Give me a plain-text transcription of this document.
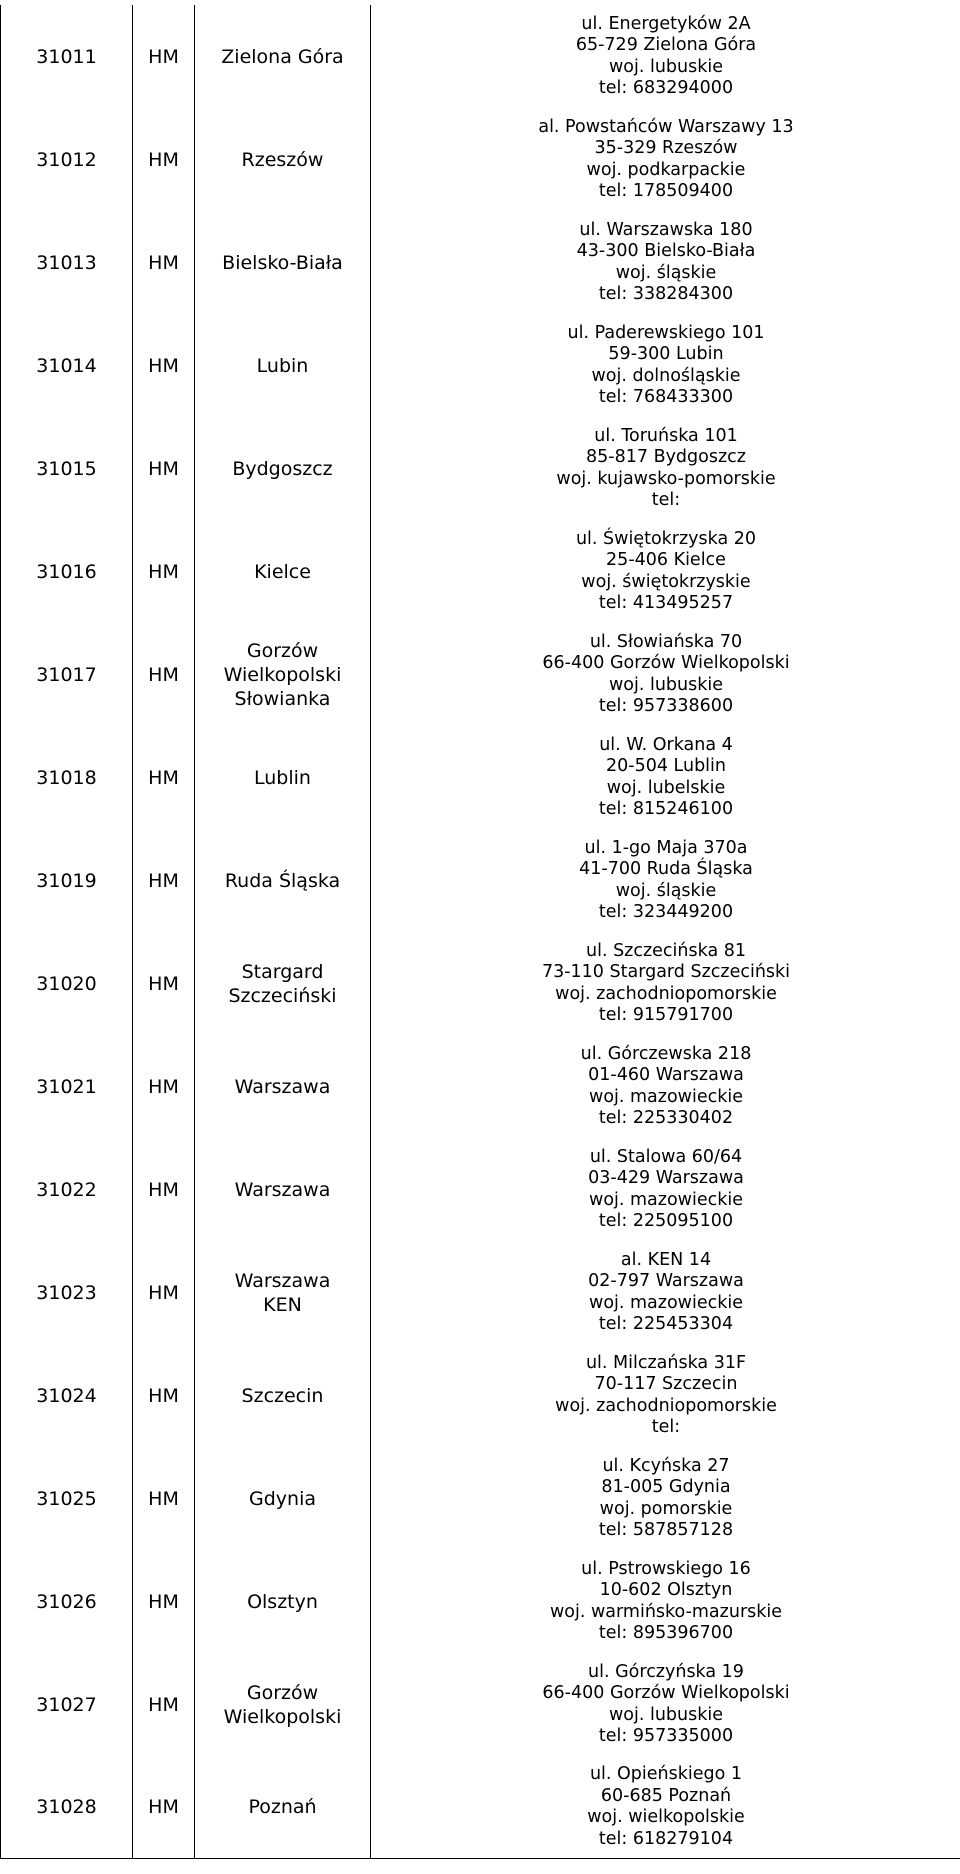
31011	HM	Zielona Góra	ul. Energetyków 2A
65-729 Zielona Góra
woj. lubuskie
tel: 683294000

31012	HM	Rzeszów	al. Powstańców Warszawy 13
35-329 Rzeszów
woj. podkarpackie
tel: 178509400

31013	HM	Bielsko-Biała	ul. Warszawska 180
43-300 Bielsko-Biała
woj. śląskie
tel: 338284300

31014	HM	Lubin	ul. Paderewskiego 101
59-300 Lubin
woj. dolnośląskie
tel: 768433300

31015	HM	Bydgoszcz	ul. Toruńska 101
85-817 Bydgoszcz
woj. kujawsko-pomorskie
tel:

31016	HM	Kielce	ul. Świętokrzyska 20
25-406 Kielce
woj. świętokrzyskie
tel: 413495257

31017	HM	Gorzów
Wielkopolski
Słowianka	ul. Słowiańska 70
66-400 Gorzów Wielkopolski
woj. lubuskie
tel: 957338600

31018	HM	Lublin	ul. W. Orkana 4
20-504 Lublin
woj. lubelskie
tel: 815246100

31019	HM	Ruda Śląska	ul. 1-go Maja 370a
41-700 Ruda Śląska
woj. śląskie
tel: 323449200

31020	HM	Stargard
Szczeciński	ul. Szczecińska 81
73-110 Stargard Szczeciński
woj. zachodniopomorskie
tel: 915791700

31021	HM	Warszawa	ul. Górczewska 218
01-460 Warszawa
woj. mazowieckie
tel: 225330402

31022	HM	Warszawa	ul. Stalowa 60/64
03-429 Warszawa
woj. mazowieckie
tel: 225095100

31023	HM	Warszawa
KEN	al. KEN 14
02-797 Warszawa
woj. mazowieckie
tel: 225453304

31024	HM	Szczecin	ul. Milczańska 31F
70-117 Szczecin
woj. zachodniopomorskie
tel:

31025	HM	Gdynia	ul. Kcyńska 27
81-005 Gdynia
woj. pomorskie
tel: 587857128

31026	HM	Olsztyn	ul. Pstrowskiego 16
10-602 Olsztyn
woj. warmińsko-mazurskie
tel: 895396700

31027	HM	Gorzów
Wielkopolski	ul. Górczyńska 19
66-400 Gorzów Wielkopolski
woj. lubuskie
tel: 957335000

31028	HM	Poznań	ul. Opieńskiego 1
60-685 Poznań
woj. wielkopolskie
tel: 618279104
